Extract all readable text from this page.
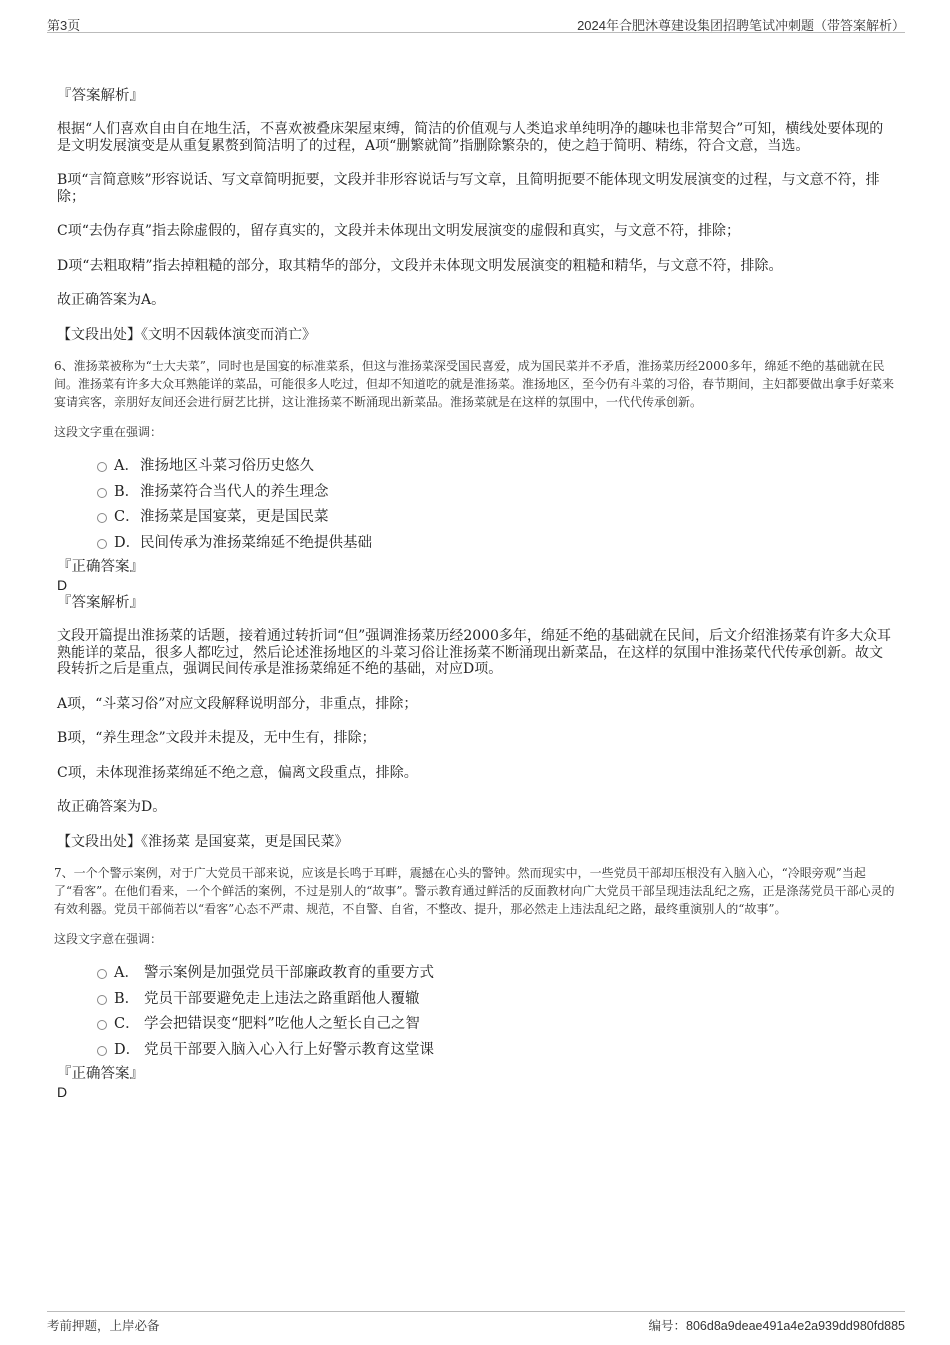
第3页	2024年合肥沐尊建设集团招聘笔试冲刺题（带答案解析）

『答案解析』

根据“人们喜欢自由自在地生活，不喜欢被叠床架屋束缚，简洁的价值观与人类追求单纯明净的趣味也非常契合”可知，横线处要体现的是文明发展演变是从重复累赘到简洁明了的过程，A项“删繁就简”指删除繁杂的，使之趋于简明、精练，符合文意，当选。

B项“言简意赅”形容说话、写文章简明扼要，文段并非形容说话与写文章，且简明扼要不能体现文明发展演变的过程，与文意不符，排除；

C项“去伪存真”指去除虚假的，留存真实的，文段并未体现出文明发展演变的虚假和真实，与文意不符，排除；

D项“去粗取精”指去掉粗糙的部分，取其精华的部分，文段并未体现文明发展演变的粗糙和精华，与文意不符，排除。

故正确答案为A。

【文段出处】《文明不因载体演变而消亡》

6、淮扬菜被称为“士大夫菜”，同时也是国宴的标准菜系，但这与淮扬菜深受国民喜爱，成为国民菜并不矛盾，淮扬菜历经2000多年，绵延不绝的基础就在民间。淮扬菜有许多大众耳熟能详的菜品，可能很多人吃过，但却不知道吃的就是淮扬菜。淮扬地区，至今仍有斗菜的习俗，春节期间，主妇都要做出拿手好菜来宴请宾客，亲朋好友间还会进行厨艺比拼，这让淮扬菜不断涌现出新菜品。淮扬菜就是在这样的氛围中，一代代传承创新。

这段文字重在强调：

A．淮扬地区斗菜习俗历史悠久
B．淮扬菜符合当代人的养生理念
C．淮扬菜是国宴菜，更是国民菜
D．民间传承为淮扬菜绵延不绝提供基础

『正确答案』

D

『答案解析』

文段开篇提出淮扬菜的话题，接着通过转折词“但”强调淮扬菜历经2000多年，绵延不绝的基础就在民间，后文介绍淮扬菜有许多大众耳熟能详的菜品，很多人都吃过，然后论述淮扬地区的斗菜习俗让淮扬菜不断涌现出新菜品，在这样的氛围中淮扬菜代代传承创新。故文段转折之后是重点，强调民间传承是淮扬菜绵延不绝的基础，对应D项。

A项，“斗菜习俗”对应文段解释说明部分，非重点，排除；

B项，“养生理念”文段并未提及，无中生有，排除；

C项，未体现淮扬菜绵延不绝之意，偏离文段重点，排除。

故正确答案为D。

【文段出处】《淮扬菜 是国宴菜，更是国民菜》

7、一个个警示案例，对于广大党员干部来说，应该是长鸣于耳畔，震撼在心头的警钟。然而现实中，一些党员干部却压根没有入脑入心，“冷眼旁观”当起了“看客”。在他们看来，一个个鲜活的案例，不过是别人的“故事”。警示教育通过鲜活的反面教材向广大党员干部呈现违法乱纪之殇，正是涤荡党员干部心灵的有效利器。党员干部倘若以“看客”心态不严肃、规范，不自警、自省，不整改、提升，那必然走上违法乱纪之路，最终重演别人的“故事”。

这段文字意在强调：

A． 警示案例是加强党员干部廉政教育的重要方式
B． 党员干部要避免走上违法之路重蹈他人覆辙
C． 学会把错误变“肥料”吃他人之堑长自己之智
D． 党员干部要入脑入心入行上好警示教育这堂课

『正确答案』

D

考前押题，上岸必备	编号：806d8a9deae491a4e2a939dd980fd885
